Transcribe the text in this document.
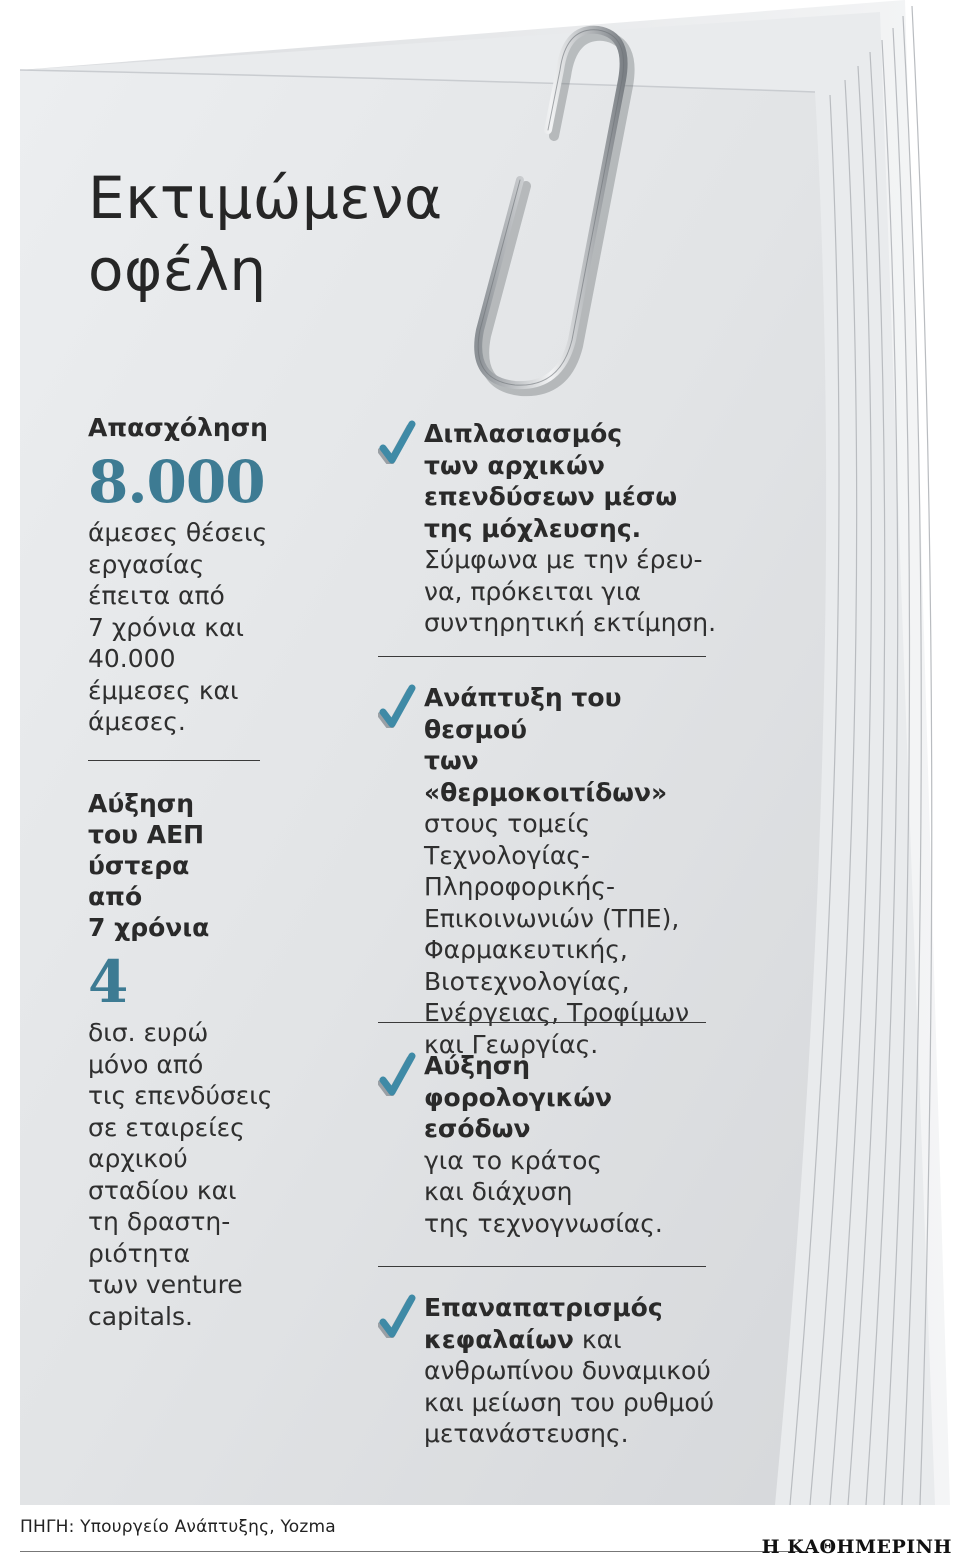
Εκτιμώμενα
οφέλη
Απασχόληση
8.000
άμεσες θέσεις
εργασίας
έπειτα από
7 χρόνια και
40.000
έμμεσες και
άμεσες.
Αύξηση
του ΑΕΠ
ύστερα
από
7 χρόνια
4
δισ. ευρώ
μόνο από
τις επενδύσεις
σε εταιρείες
αρχικού
σταδίου και
τη δραστη-
ριότητα
των venture
capitals.
Διπλασιασμός
των αρχικών
επενδύσεων μέσω
της μόχλευσης.
Σύμφωνα με την έρευ-
να, πρόκειται για
συντηρητική εκτίμηση.
Ανάπτυξη του θεσμού
των «θερμοκοιτίδων»
στους τομείς
Τεχνολογίας-
Πληροφορικής-
Επικοινωνιών (ΤΠΕ),
Φαρμακευτικής,
Βιοτεχνολογίας,
Ενέργειας, Τροφίμων
και Γεωργίας.
Αύξηση
φορολογικών
εσόδων
για το κράτος
και διάχυση
της τεχνογνωσίας.
Επαναπατρισμός
κεφαλαίων και
ανθρωπίνου δυναμικού
και μείωση του ρυθμού
μετανάστευσης.
ΠΗΓΗ: Υπουργείο Ανάπτυξης, Yozma
Η ΚΑΘΗΜΕΡΙΝΗ
